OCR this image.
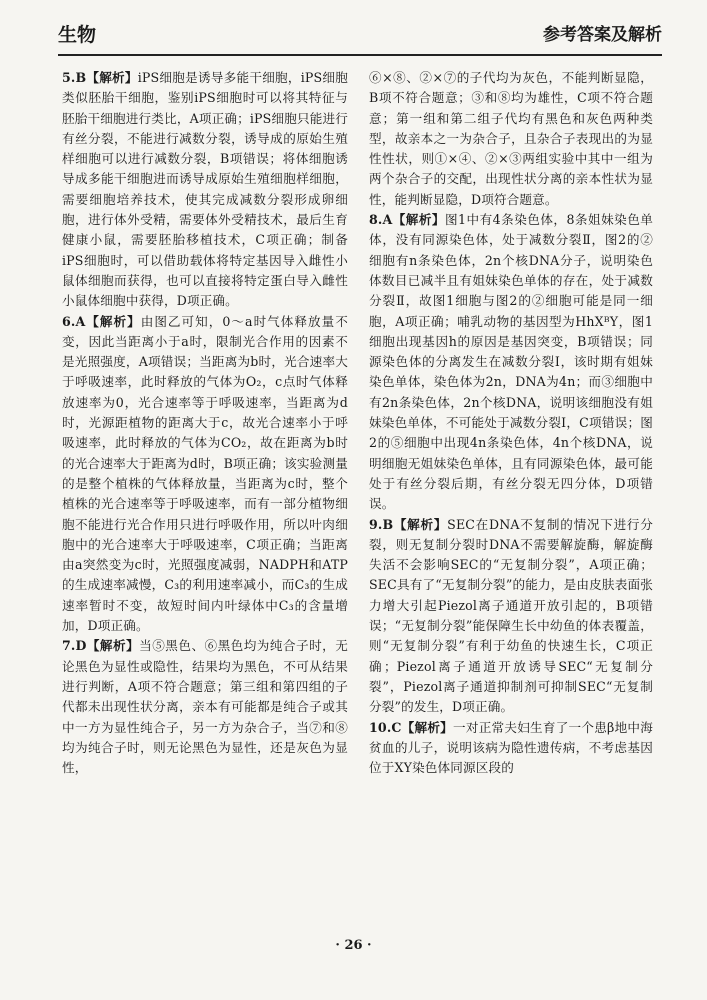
生物	参考答案及解析

5.B【解析】iPS细胞是诱导多能干细胞，iPS细胞类似胚胎干细胞，鉴别iPS细胞时可以将其特征与胚胎干细胞进行类比，A项正确；iPS细胞只能进行有丝分裂，不能进行减数分裂，诱导成的原始生殖样细胞可以进行减数分裂，B项错误；将体细胞诱导成多能干细胞进而诱导成原始生殖细胞样细胞，需要细胞培养技术，使其完成减数分裂形成卵细胞，进行体外受精，需要体外受精技术，最后生育健康小鼠，需要胚胎移植技术，C项正确；制备iPS细胞时，可以借助载体将特定基因导入雌性小鼠体细胞而获得，也可以直接将特定蛋白导入雌性小鼠体细胞中获得，D项正确。

6.A【解析】由图乙可知，0～a时气体释放量不变，因此当距离小于a时，限制光合作用的因素不是光照强度，A项错误；当距离为b时，光合速率大于呼吸速率，此时释放的气体为O₂，c点时气体释放速率为0，光合速率等于呼吸速率，当距离为d时，光源距植物的距离大于c，故光合速率小于呼吸速率，此时释放的气体为CO₂，故在距离为b时的光合速率大于距离为d时，B项正确；该实验测量的是整个植株的气体释放量，当距离为c时，整个植株的光合速率等于呼吸速率，而有一部分植物细胞不能进行光合作用只进行呼吸作用，所以叶肉细胞中的光合速率大于呼吸速率，C项正确；当距离由a突然变为c时，光照强度减弱，NADPH和ATP的生成速率减慢，C₃的利用速率减小，而C₃的生成速率暂时不变，故短时间内叶绿体中C₃的含量增加，D项正确。

7.D【解析】当⑤黑色、⑥黑色均为纯合子时，无论黑色为显性或隐性，结果均为黑色，不可从结果进行判断，A项不符合题意；第三组和第四组的子代都未出现性状分离，亲本有可能都是纯合子或其中一方为显性纯合子，另一方为杂合子，当⑦和⑧均为纯合子时，则无论黑色为显性，还是灰色为显性，

⑥×⑧、②×⑦的子代均为灰色，不能判断显隐，B项不符合题意；③和⑧均为雄性，C项不符合题意；第一组和第二组子代均有黑色和灰色两种类型，故亲本之一为杂合子，且杂合子表现出的为显性性状，则①×④、②×③两组实验中其中一组为两个杂合子的交配，出现性状分离的亲本性状为显性，能判断显隐，D项符合题意。

8.A【解析】图1中有4条染色体，8条姐妹染色单体，没有同源染色体，处于减数分裂Ⅱ，图2的②细胞有n条染色体，2n个核DNA分子，说明染色体数目已减半且有姐妹染色单体的存在，处于减数分裂Ⅱ，故图1细胞与图2的②细胞可能是同一细胞，A项正确；哺乳动物的基因型为HhXᴮY，图1细胞出现基因h的原因是基因突变，B项错误；同源染色体的分离发生在减数分裂Ⅰ，该时期有姐妹染色单体，染色体为2n，DNA为4n；而③细胞中有2n条染色体，2n个核DNA，说明该细胞没有姐妹染色单体，不可能处于减数分裂Ⅰ，C项错误；图2的⑤细胞中出现4n条染色体，4n个核DNA，说明细胞无姐妹染色单体，且有同源染色体，最可能处于有丝分裂后期，有丝分裂无四分体，D项错误。

9.B【解析】SEC在DNA不复制的情况下进行分裂，则无复制分裂时DNA不需要解旋酶，解旋酶失活不会影响SEC的“无复制分裂”，A项正确；SEC具有了“无复制分裂”的能力，是由皮肤表面张力增大引起Piezol离子通道开放引起的，B项错误；“无复制分裂”能保障生长中幼鱼的体表覆盖，则“无复制分裂”有利于幼鱼的快速生长，C项正确；Piezol离子通道开放诱导SEC“无复制分裂”，Piezol离子通道抑制剂可抑制SEC“无复制分裂”的发生，D项正确。

10.C【解析】一对正常夫妇生育了一个患β地中海贫血的儿子，说明该病为隐性遗传病，不考虑基因位于XY染色体同源区段的

· 26 ·
